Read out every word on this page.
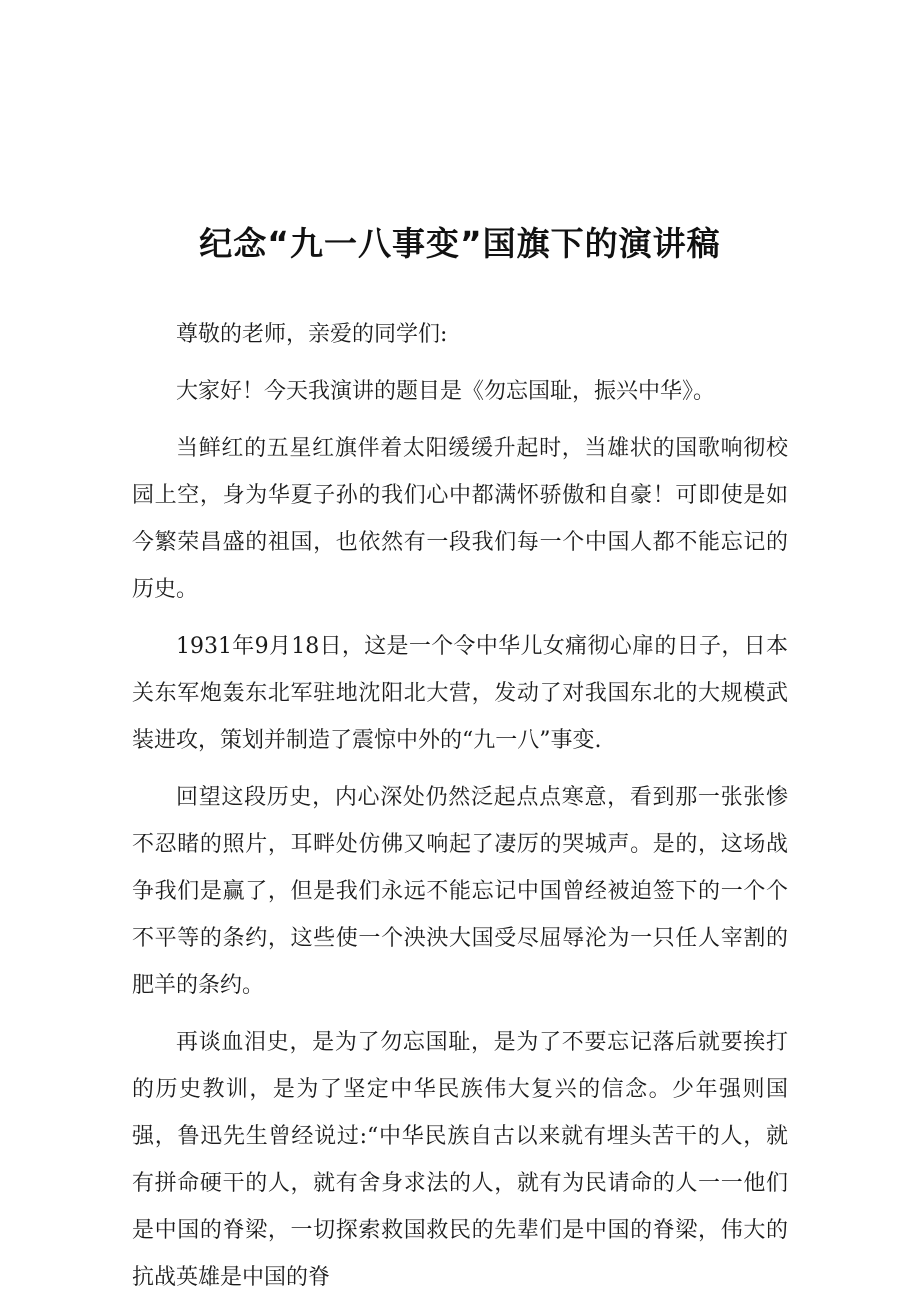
纪念“九一八事变”国旗下的演讲稿

尊敬的老师，亲爱的同学们:

大家好！今天我演讲的题目是《勿忘国耻，振兴中华》。

当鲜红的五星红旗伴着太阳缓缓升起时，当雄状的国歌响彻校园上空，身为华夏子孙的我们心中都满怀骄傲和自豪！可即使是如今繁荣昌盛的祖国，也依然有一段我们每一个中国人都不能忘记的历史。

1931年9月18日，这是一个令中华儿女痛彻心扉的日子，日本关东军炮轰东北军驻地沈阳北大营，发动了对我国东北的大规模武装进攻，策划并制造了震惊中外的“九一八”事变.

回望这段历史，内心深处仍然泛起点点寒意，看到那一张张惨不忍睹的照片，耳畔处仿佛又响起了凄厉的哭城声。是的，这场战争我们是赢了，但是我们永远不能忘记中国曾经被迫签下的一个个不平等的条约，这些使一个泱泱大国受尽屈辱沦为一只任人宰割的肥羊的条约。

再谈血泪史，是为了勿忘国耻，是为了不要忘记落后就要挨打的历史教训，是为了坚定中华民族伟大复兴的信念。少年强则国强，鲁迅先生曾经说过:“中华民族自古以来就有埋头苦干的人，就有拼命硬干的人，就有舍身求法的人，就有为民请命的人一一他们是中国的脊梁，一切探索救国救民的先辈们是中国的脊梁，伟大的抗战英雄是中国的脊
